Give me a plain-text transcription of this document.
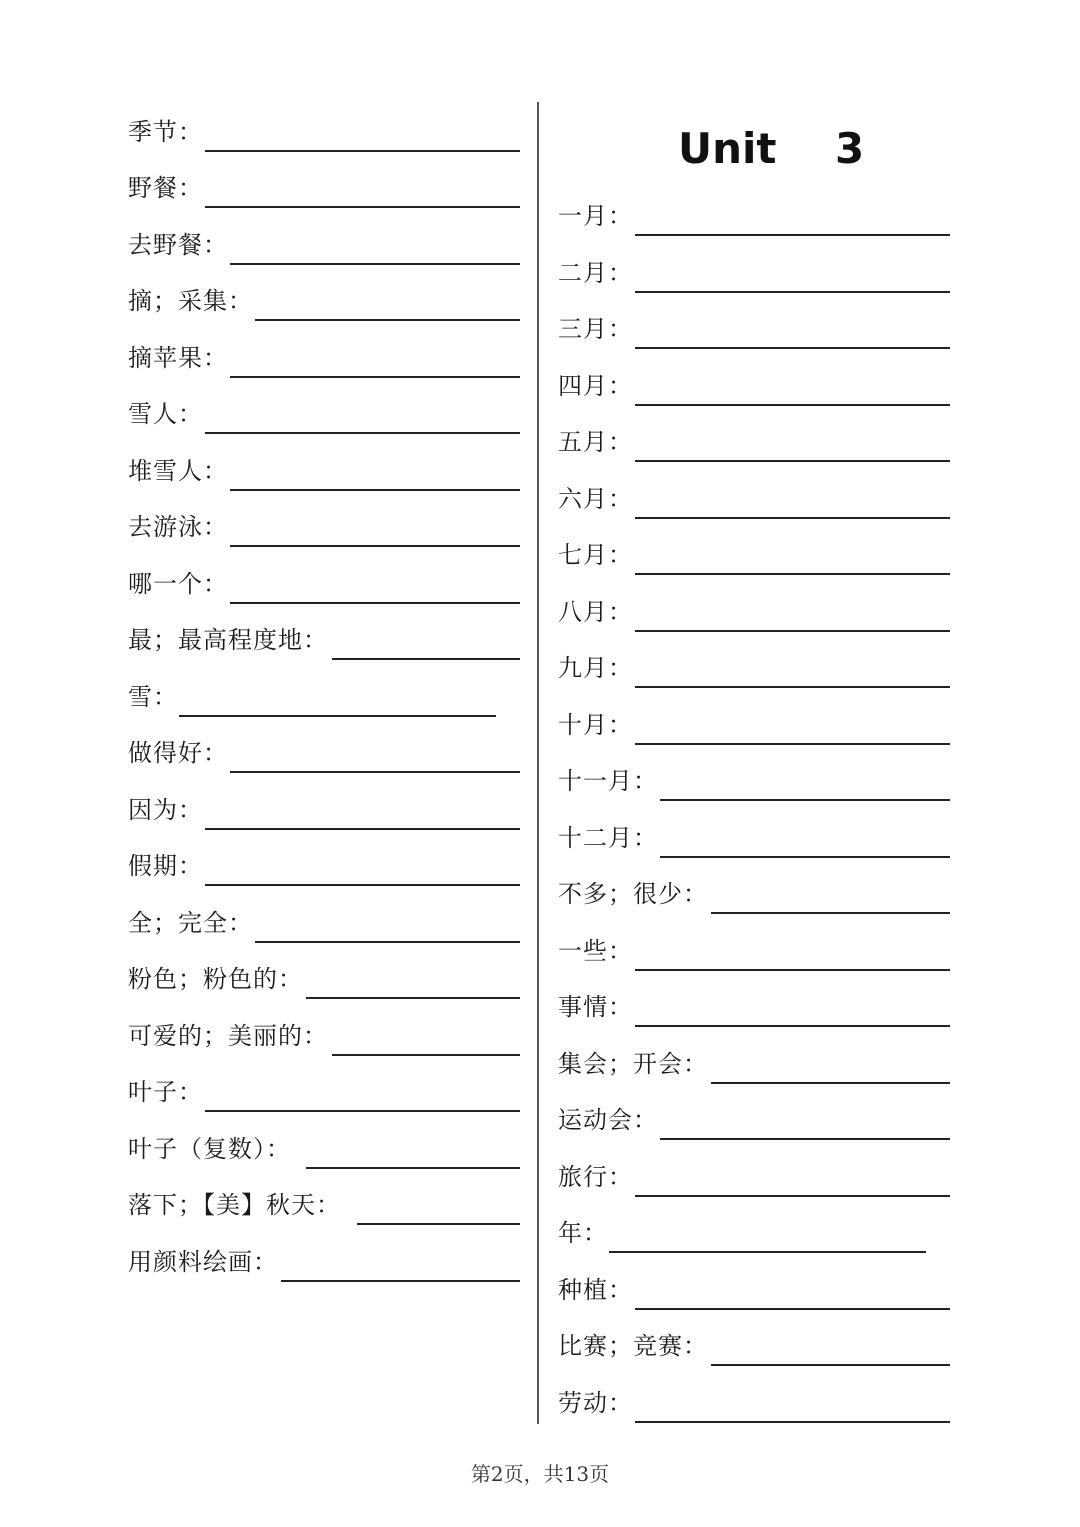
季节：
野餐：
去野餐：
摘；采集：
摘苹果：
雪人：
堆雪人：
去游泳：
哪一个：
最；最高程度地：
雪：
做得好：
因为：
假期：
全；完全：
粉色；粉色的：
可爱的；美丽的：
叶子：
叶子（复数）：
落下；【美】秋天：
用颜料绘画：
Unit    3
一月：
二月：
三月：
四月：
五月：
六月：
七月：
八月：
九月：
十月：
十一月：
十二月：
不多；很少：
一些：
事情：
集会；开会：
运动会：
旅行：
年：
种植：
比赛；竞赛：
劳动：
第2页，共13页
